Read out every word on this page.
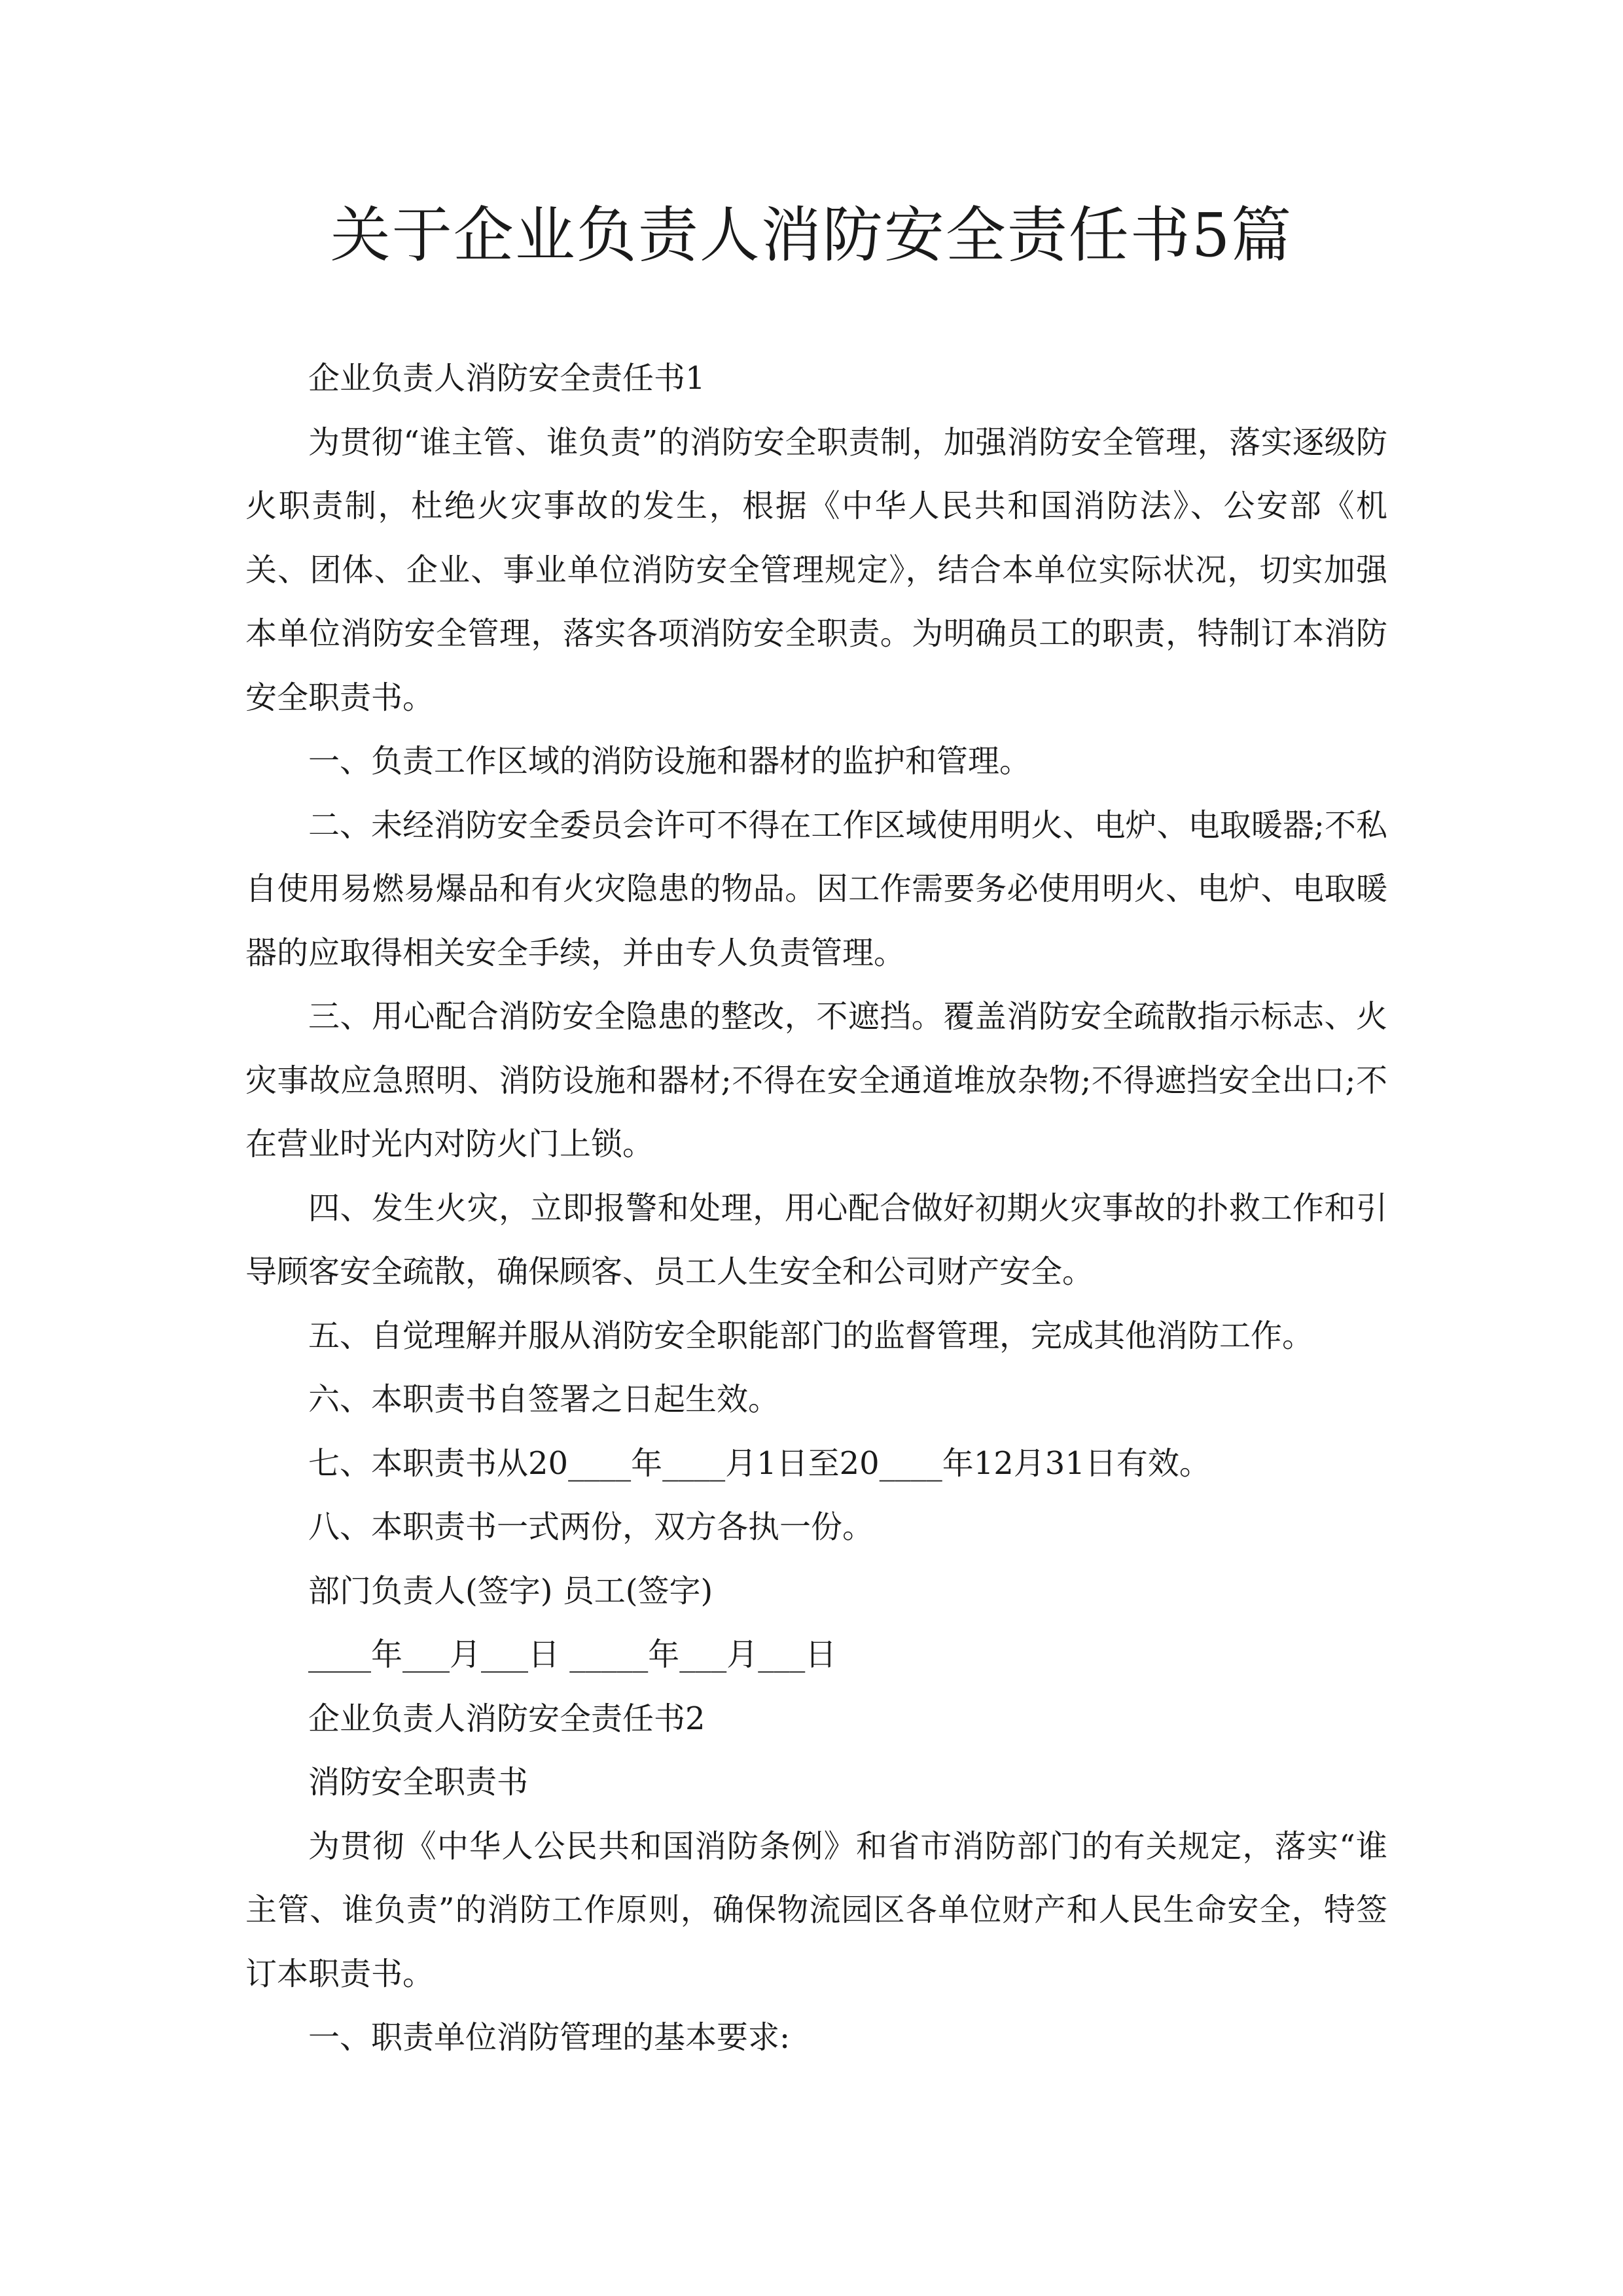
关于企业负责人消防安全责任书5篇

企业负责人消防安全责任书1

为贯彻“谁主管、谁负责”的消防安全职责制，加强消防安全管理，落实逐级防火职责制，杜绝火灾事故的发生，根据《中华人民共和国消防法》、公安部《机关、团体、企业、事业单位消防安全管理规定》，结合本单位实际状况，切实加强本单位消防安全管理，落实各项消防安全职责。为明确员工的职责，特制订本消防安全职责书。

一、负责工作区域的消防设施和器材的监护和管理。

二、未经消防安全委员会许可不得在工作区域使用明火、电炉、电取暖器;不私自使用易燃易爆品和有火灾隐患的物品。因工作需要务必使用明火、电炉、电取暖器的应取得相关安全手续，并由专人负责管理。

三、用心配合消防安全隐患的整改，不遮挡。覆盖消防安全疏散指示标志、火灾事故应急照明、消防设施和器材;不得在安全通道堆放杂物;不得遮挡安全出口;不在营业时光内对防火门上锁。

四、发生火灾，立即报警和处理，用心配合做好初期火灾事故的扑救工作和引导顾客安全疏散，确保顾客、员工人生安全和公司财产安全。

五、自觉理解并服从消防安全职能部门的监督管理，完成其他消防工作。

六、本职责书自签署之日起生效。

七、本职责书从20____年____月1日至20____年12月31日有效。

八、本职责书一式两份，双方各执一份。

部门负责人(签字) 员工(签字)

____年___月___日 _____年___月___日

企业负责人消防安全责任书2

消防安全职责书

为贯彻《中华人公民共和国消防条例》和省市消防部门的有关规定，落实“谁主管、谁负责”的消防工作原则，确保物流园区各单位财产和人民生命安全，特签订本职责书。

一、职责单位消防管理的基本要求:
